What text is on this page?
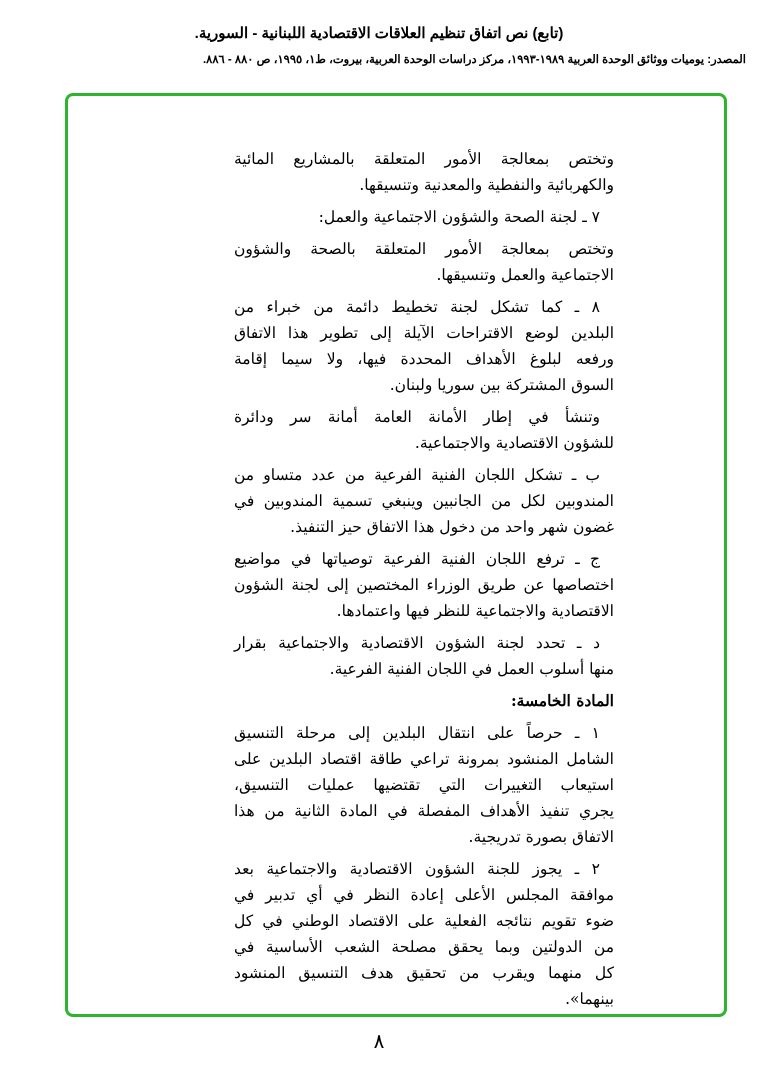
(تابع) نص اتفاق تنظيم العلاقات الاقتصادية اللبنانية - السورية.
المصدر: يوميات ووثائق الوحدة العربية ١٩٨٩-١٩٩٣، مركز دراسات الوحدة العربية، بيروت، ط١، ١٩٩٥، ص ٨٨٠ - ٨٨٦.
وتختص بمعالجة الأمور المتعلقة بالمشاريع المائية
والكهربائية والنفطية والمعدنية وتنسيقها.
٧ ـ لجنة الصحة والشؤون الاجتماعية والعمل:
وتختص بمعالجة الأمور المتعلقة بالصحة والشؤون
الاجتماعية والعمل وتنسيقها.
٨ ـ كما تشكل لجنة تخطيط دائمة من خبراء من
البلدين لوضع الاقتراحات الآيلة إلى تطوير هذا الاتفاق
ورفعه لبلوغ الأهداف المحددة فيها، ولا سيما إقامة
السوق المشتركة بين سوريا ولبنان.
وتنشأ في إطار الأمانة العامة أمانة سر ودائرة
للشؤون الاقتصادية والاجتماعية.
ب ـ تشكل اللجان الفنية الفرعية من عدد متساو من
المندوبين لكل من الجانبين وينبغي تسمية المندوبين في
غضون شهر واحد من دخول هذا الاتفاق حيز التنفيذ.
ج ـ ترفع اللجان الفنية الفرعية توصياتها في مواضيع
اختصاصها عن طريق الوزراء المختصين إلى لجنة الشؤون
الاقتصادية والاجتماعية للنظر فيها واعتمادها.
د ـ تحدد لجنة الشؤون الاقتصادية والاجتماعية بقرار
منها أسلوب العمل في اللجان الفنية الفرعية.
المادة الخامسة:
١ ـ حرصاً على انتقال البلدين إلى مرحلة التنسيق
الشامل المنشود بمرونة تراعي طاقة اقتصاد البلدين على
استيعاب التغييرات التي تقتضيها عمليات التنسيق،
يجري تنفيذ الأهداف المفصلة في المادة الثانية من هذا
الاتفاق بصورة تدريجية.
٢ ـ يجوز للجنة الشؤون الاقتصادية والاجتماعية بعد
موافقة المجلس الأعلى إعادة النظر في أي تدبير في
ضوء تقويم نتائجه الفعلية على الاقتصاد الوطني في كل
من الدولتين وبما يحقق مصلحة الشعب الأساسية في
كل منهما ويقرب من تحقيق هدف التنسيق المنشود
بينهما».
٨
